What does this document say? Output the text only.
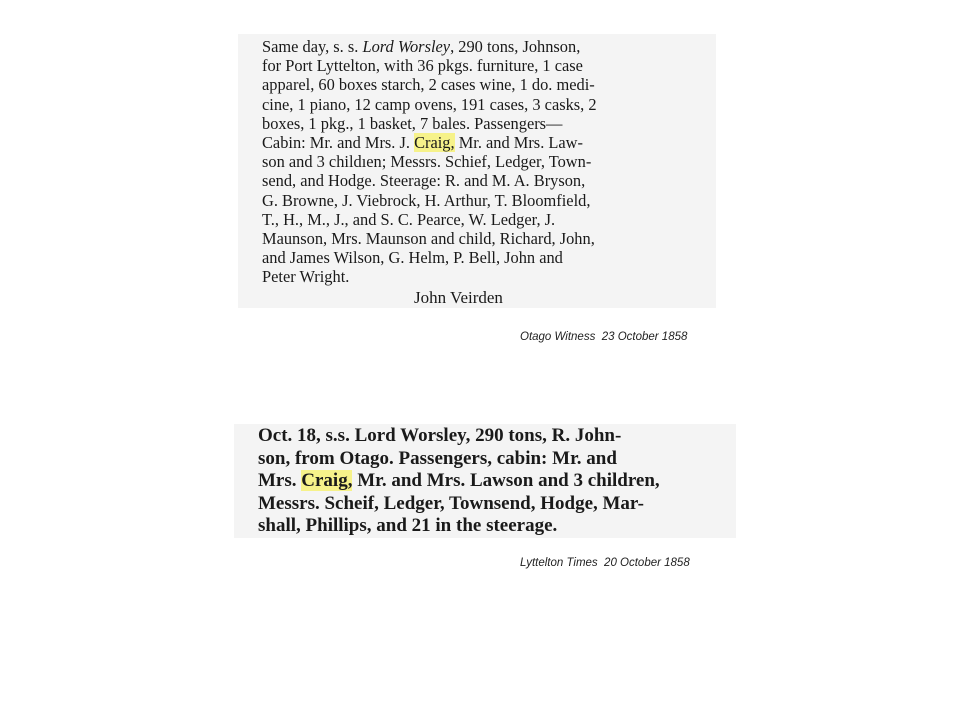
Same day, s. s. Lord Worsley, 290 tons, Johnson,
for Port Lyttelton, with 36 pkgs. furniture, 1 case
apparel, 60 boxes starch, 2 cases wine, 1 do. medi-
cine, 1 piano, 12 camp ovens, 191 cases, 3 casks, 2
boxes, 1 pkg., 1 basket, 7 bales. Passengers—
Cabin: Mr. and Mrs. J. Craig, Mr. and Mrs. Law-
son and 3 childıen; Messrs. Schief, Ledger, Town-
send, and Hodge. Steerage: R. and M. A. Bryson,
G. Browne, J. Viebrock, H. Arthur, T. Bloomfield,
T., H., M., J., and S. C. Pearce, W. Ledger, J.
Maunson, Mrs. Maunson and child, Richard, John,
and James Wilson, G. Helm, P. Bell, John and
Peter Wright.
John Veirden
Otago Witness  23 October 1858
Oct. 18, s.s. Lord Worsley, 290 tons, R. John-
son, from Otago. Passengers, cabin: Mr. and
Mrs. Craig, Mr. and Mrs. Lawson and 3 children,
Messrs. Scheif, Ledger, Townsend, Hodge, Mar-
shall, Phillips, and 21 in the steerage.
Lyttelton Times  20 October 1858
